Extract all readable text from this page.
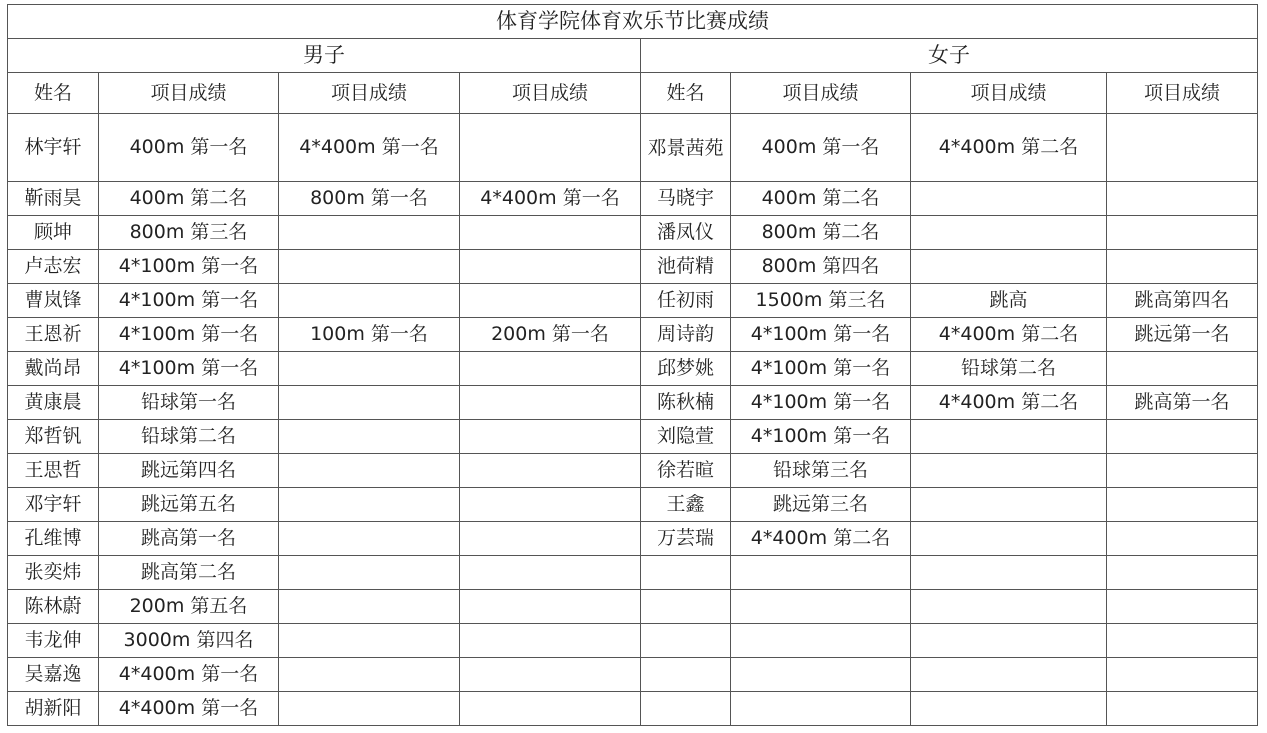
体育学院体育欢乐节比赛成绩							
男子				女子			
姓名	项目成绩	项目成绩	项目成绩	姓名	项目成绩	项目成绩	项目成绩
林宇轩	400m 第一名	4*400m 第一名		邓景茜苑	400m 第一名	4*400m 第二名	
靳雨昊	400m 第二名	800m 第一名	4*400m 第一名	马晓宇	400m 第二名		
顾坤	800m 第三名			潘凤仪	800m 第二名		
卢志宏	4*100m 第一名			池荷精	800m 第四名		
曹岚锋	4*100m 第一名			任初雨	1500m 第三名	跳高	跳高第四名
王恩祈	4*100m 第一名	100m 第一名	200m 第一名	周诗韵	4*100m 第一名	4*400m 第二名	跳远第一名
戴尚昂	4*100m 第一名			邱梦姚	4*100m 第一名	铅球第二名	
黄康晨	铅球第一名			陈秋楠	4*100m 第一名	4*400m 第二名	跳高第一名
郑哲钒	铅球第二名			刘隐萱	4*100m 第一名		
王思哲	跳远第四名			徐若暄	铅球第三名		
邓宇轩	跳远第五名			王鑫	跳远第三名		
孔维博	跳高第一名			万芸瑞	4*400m 第二名		
张奕炜	跳高第二名						
陈林蔚	200m 第五名						
韦龙伸	3000m 第四名						
吴嘉逸	4*400m 第一名						
胡新阳	4*400m 第一名						
